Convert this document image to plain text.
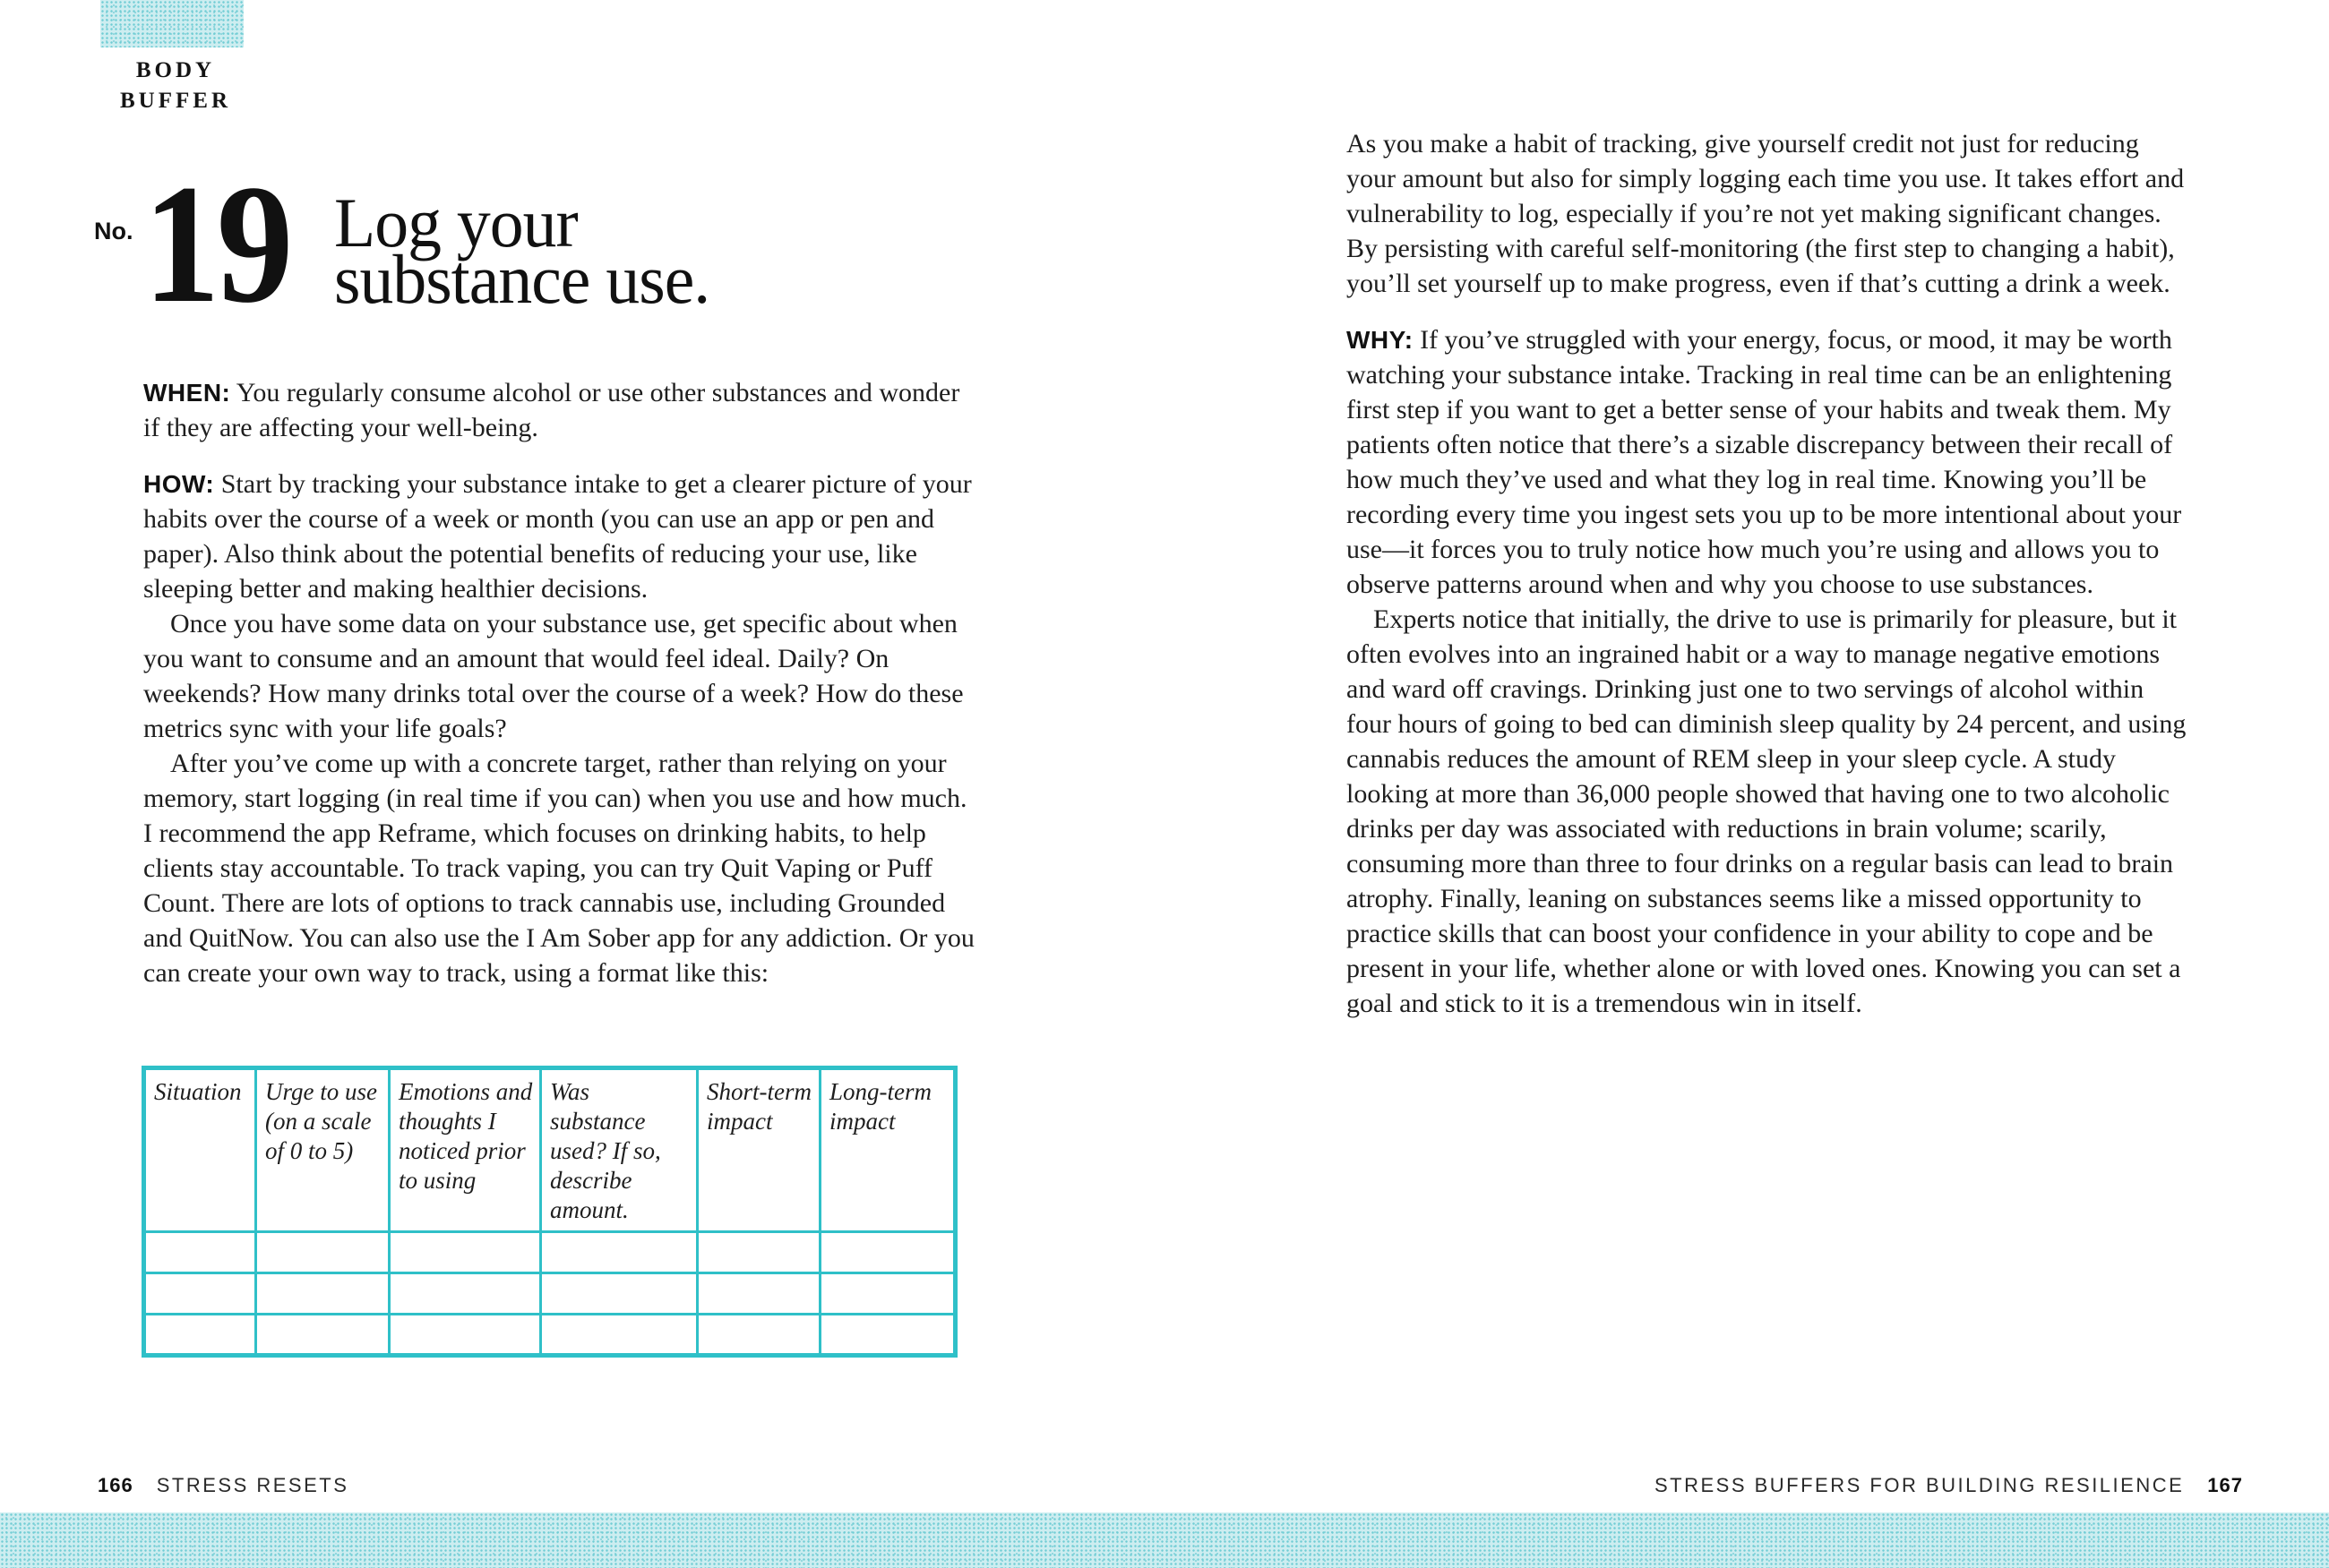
BODY
BUFFER
No. 19 Log your
substance use.

WHEN: You regularly consume alcohol or use other substances and wonder if they are affecting your well-being.

HOW: Start by tracking your substance intake to get a clearer picture of your habits over the course of a week or month (you can use an app or pen and paper). Also think about the potential benefits of reducing your use, like sleeping better and making healthier decisions.

Once you have some data on your substance use, get specific about when you want to consume and an amount that would feel ideal. Daily? On weekends? How many drinks total over the course of a week? How do these metrics sync with your life goals?

After you’ve come up with a concrete target, rather than relying on your memory, start logging (in real time if you can) when you use and how much. I recommend the app Reframe, which focuses on drinking habits, to help clients stay accountable. To track vaping, you can try Quit Vaping or Puff Count. There are lots of options to track cannabis use, including Grounded and QuitNow. You can also use the I Am Sober app for any addiction. Or you can create your own way to track, using a format like this:

Situation	Urge to use (on a scale of 0 to 5)	Emotions and thoughts I noticed prior to using	Was substance used? If so, describe amount.	Short-term impact	Long-term impact

As you make a habit of tracking, give yourself credit not just for reducing your amount but also for simply logging each time you use. It takes effort and vulnerability to log, especially if you’re not yet making significant changes. By persisting with careful self-monitoring (the first step to changing a habit), you’ll set yourself up to make progress, even if that’s cutting a drink a week.

WHY: If you’ve struggled with your energy, focus, or mood, it may be worth watching your substance intake. Tracking in real time can be an enlightening first step if you want to get a better sense of your habits and tweak them. My patients often notice that there’s a sizable discrepancy between their recall of how much they’ve used and what they log in real time. Knowing you’ll be recording every time you ingest sets you up to be more intentional about your use—it forces you to truly notice how much you’re using and allows you to observe patterns around when and why you choose to use substances.

Experts notice that initially, the drive to use is primarily for pleasure, but it often evolves into an ingrained habit or a way to manage negative emotions and ward off cravings. Drinking just one to two servings of alcohol within four hours of going to bed can diminish sleep quality by 24 percent, and using cannabis reduces the amount of REM sleep in your sleep cycle. A study looking at more than 36,000 people showed that having one to two alcoholic drinks per day was associated with reductions in brain volume; scarily, consuming more than three to four drinks on a regular basis can lead to brain atrophy. Finally, leaning on substances seems like a missed opportunity to practice skills that can boost your confidence in your ability to cope and be present in your life, whether alone or with loved ones. Knowing you can set a goal and stick to it is a tremendous win in itself.

166 STRESS RESETS	STRESS BUFFERS FOR BUILDING RESILIENCE 167
